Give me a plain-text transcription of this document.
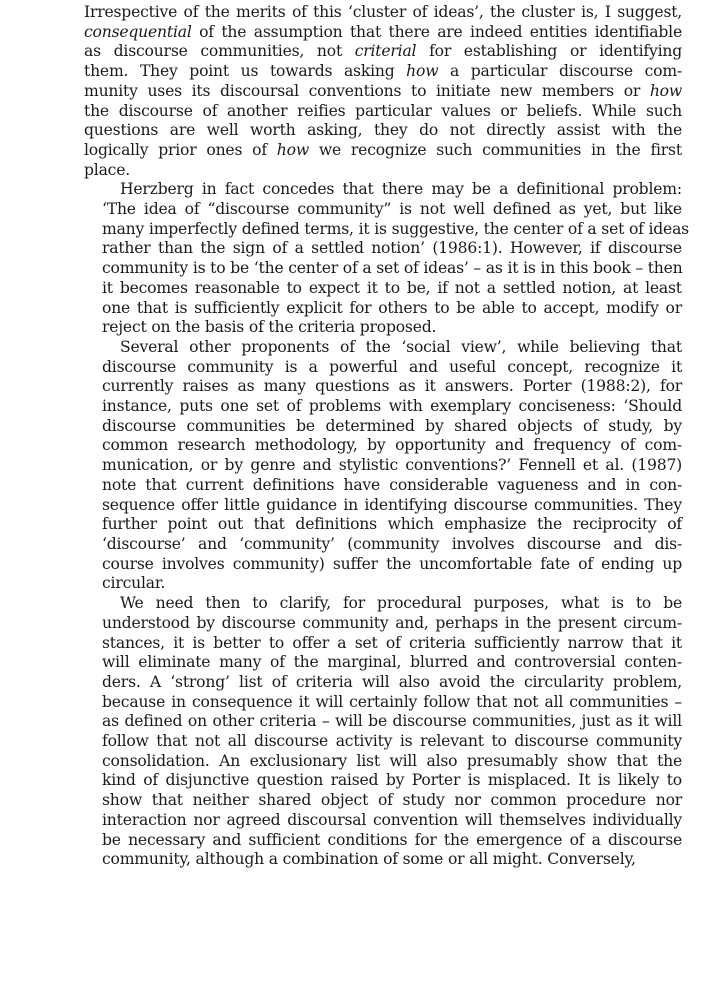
Irrespective of the merits of this ‘cluster of ideas’, the cluster is, I suggest,
consequential of the assumption that there are indeed entities identifiable
as discourse communities, not criterial for establishing or identifying
them. They point us towards asking how a particular discourse com-
munity uses its discoursal conventions to initiate new members or how
the discourse of another reifies particular values or beliefs. While such
questions are well worth asking, they do not directly assist with the
logically prior ones of how we recognize such communities in the first
place.
Herzberg in fact concedes that there may be a definitional problem:
‘The idea of “discourse community” is not well defined as yet, but like
many imperfectly defined terms, it is suggestive, the center of a set of ideas
rather than the sign of a settled notion’ (1986:1). However, if discourse
community is to be ‘the center of a set of ideas’ – as it is in this book – then
it becomes reasonable to expect it to be, if not a settled notion, at least
one that is sufficiently explicit for others to be able to accept, modify or
reject on the basis of the criteria proposed.
Several other proponents of the ‘social view’, while believing that
discourse community is a powerful and useful concept, recognize it
currently raises as many questions as it answers. Porter (1988:2), for
instance, puts one set of problems with exemplary conciseness: ‘Should
discourse communities be determined by shared objects of study, by
common research methodology, by opportunity and frequency of com-
munication, or by genre and stylistic conventions?’ Fennell et al. (1987)
note that current definitions have considerable vagueness and in con-
sequence offer little guidance in identifying discourse communities. They
further point out that definitions which emphasize the reciprocity of
‘discourse’ and ‘community’ (community involves discourse and dis-
course involves community) suffer the uncomfortable fate of ending up
circular.
We need then to clarify, for procedural purposes, what is to be
understood by discourse community and, perhaps in the present circum-
stances, it is better to offer a set of criteria sufficiently narrow that it
will eliminate many of the marginal, blurred and controversial conten-
ders. A ‘strong’ list of criteria will also avoid the circularity problem,
because in consequence it will certainly follow that not all communities –
as defined on other criteria – will be discourse communities, just as it will
follow that not all discourse activity is relevant to discourse community
consolidation. An exclusionary list will also presumably show that the
kind of disjunctive question raised by Porter is misplaced. It is likely to
show that neither shared object of study nor common procedure nor
interaction nor agreed discoursal convention will themselves individually
be necessary and sufficient conditions for the emergence of a discourse
community, although a combination of some or all might. Conversely,
